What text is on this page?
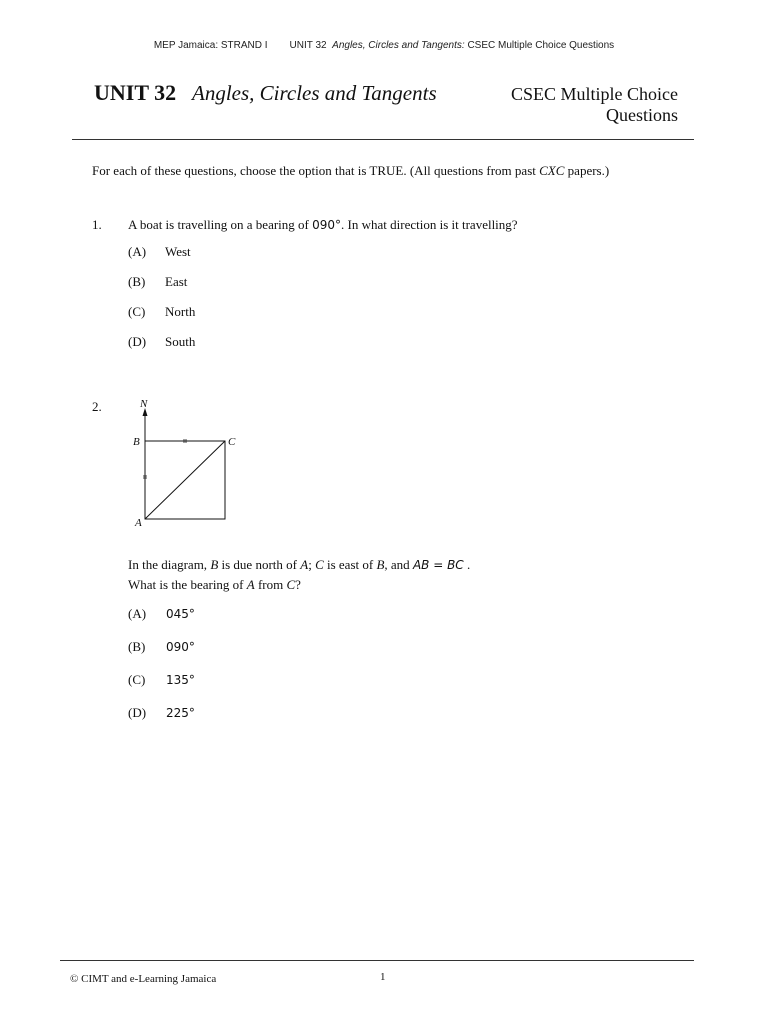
MEP Jamaica: STRAND I UNIT 32 Angles, Circles and Tangents: CSEC Multiple Choice Questions
UNIT 32 Angles, Circles and Tangents	CSEC Multiple Choice
Questions
For each of these questions, choose the option that is TRUE. (All questions from past CXC papers.)
1. A boat is travelling on a bearing of 090°. In what direction is it travelling?
(A) West
(B) East
(C) North
(D) South
2.	N
B	C
A
In the diagram, B is due north of A; C is east of B, and AB = BC .
What is the bearing of A from C?
(A) 045°
(B) 090°
(C) 135°
(D) 225°
© CIMT and e-Learning Jamaica	1
